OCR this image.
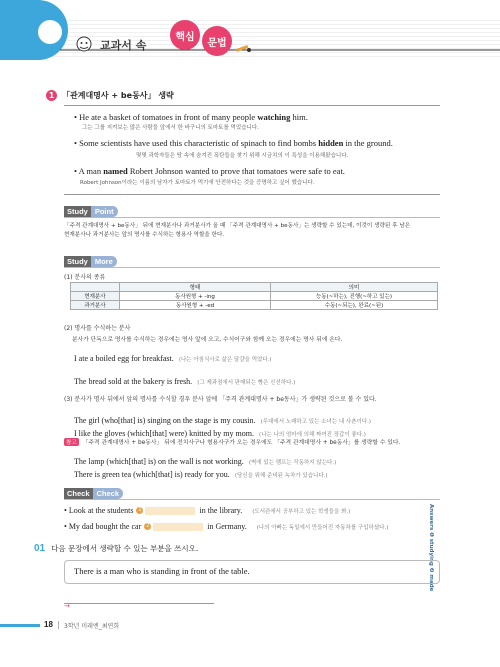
교과서 속
핵심
문법
1 「관계대명사 + be동사」 생략
• He ate a basket of tomatoes in front of many people watching him.
그는 그를 지켜보는 많은 사람들 앞에서 한 바구니의 토마토를 먹었습니다.
• Some scientists have used this characteristic of spinach to find bombs hidden in the ground.
몇몇 과학자들은 땅 속에 숨겨진 폭탄들을 찾기 위해 시금치의 이 특성을 이용해왔습니다.
• A man named Robert Johnson wanted to prove that tomatoes were safe to eat.
Robert Johnson이라는 이름의 남자가 토마토가 먹기에 안전하다는 것을 증명하고 싶어 했습니다.
Study Point
「주격 관계대명사 + be동사」 뒤에 현재분사나 과거분사가 올 때 「주격 관계대명사 + be동사」는 생략할 수 있는데, 이것이 생략된 후 남은
현재분사나 과거분사는 앞의 명사를 수식하는 형용사 역할을 한다.
Study More
(1) 분사의 종류
	형태	의미
현재분사	동사원형 + -ing	능동(~하는), 진행(~하고 있는)
과거분사	동사원형 + -ed	수동(~되는), 완료(~된)
(2) 명사를 수식하는 분사
분사가 단독으로 명사를 수식하는 경우에는 명사 앞에 오고, 수식어구와 함께 오는 경우에는 명사 뒤에 온다.
I ate a boiled egg for breakfast. (나는 아침식사로 삶은 달걀을 먹었다.)
The bread sold at the bakery is fresh. (그 제과점에서 판매되는 빵은 신선하다.)
(3) 분사가 명사 뒤에서 앞의 명사를 수식할 경우 분사 앞에 「주격 관계대명사 + be동사」가 생략된 것으로 볼 수 있다.
The girl (who[that] is) singing on the stage is my cousin. (무대에서 노래하고 있는 소녀는 내 사촌이다.)
I like the gloves (which[that] were) knitted by my mom. (나는 나의 엄마에 의해 짜여진 장갑이 좋다.)
참고	「주격 관계대명사 + be동사」 뒤에 전치사구나 형용사구가 오는 경우에도 「주격 관계대명사 + be동사」를 생략할 수 있다.
The lamp (which[that] is) on the wall is not working. (벽에 있는 램프는 작동하지 않는다.)
There is green tea (which[that] is) ready for you. (당신을 위해 준비된 녹차가 있습니다.)
Check Check
• Look at the students 1	in the library. (도서관에서 공부하고 있는 학생들을 봐.)
• My dad bought the car 2	in Germany. (나의 아빠는 독일에서 만들어진 자동차를 구입하셨다.)	Answers ❶ studying ❷ made
01 다음 문장에서 생략할 수 있는 부분을 쓰시오.
There is a man who is standing in front of the table.
→
18 | 3학년 미래엔_최연희
